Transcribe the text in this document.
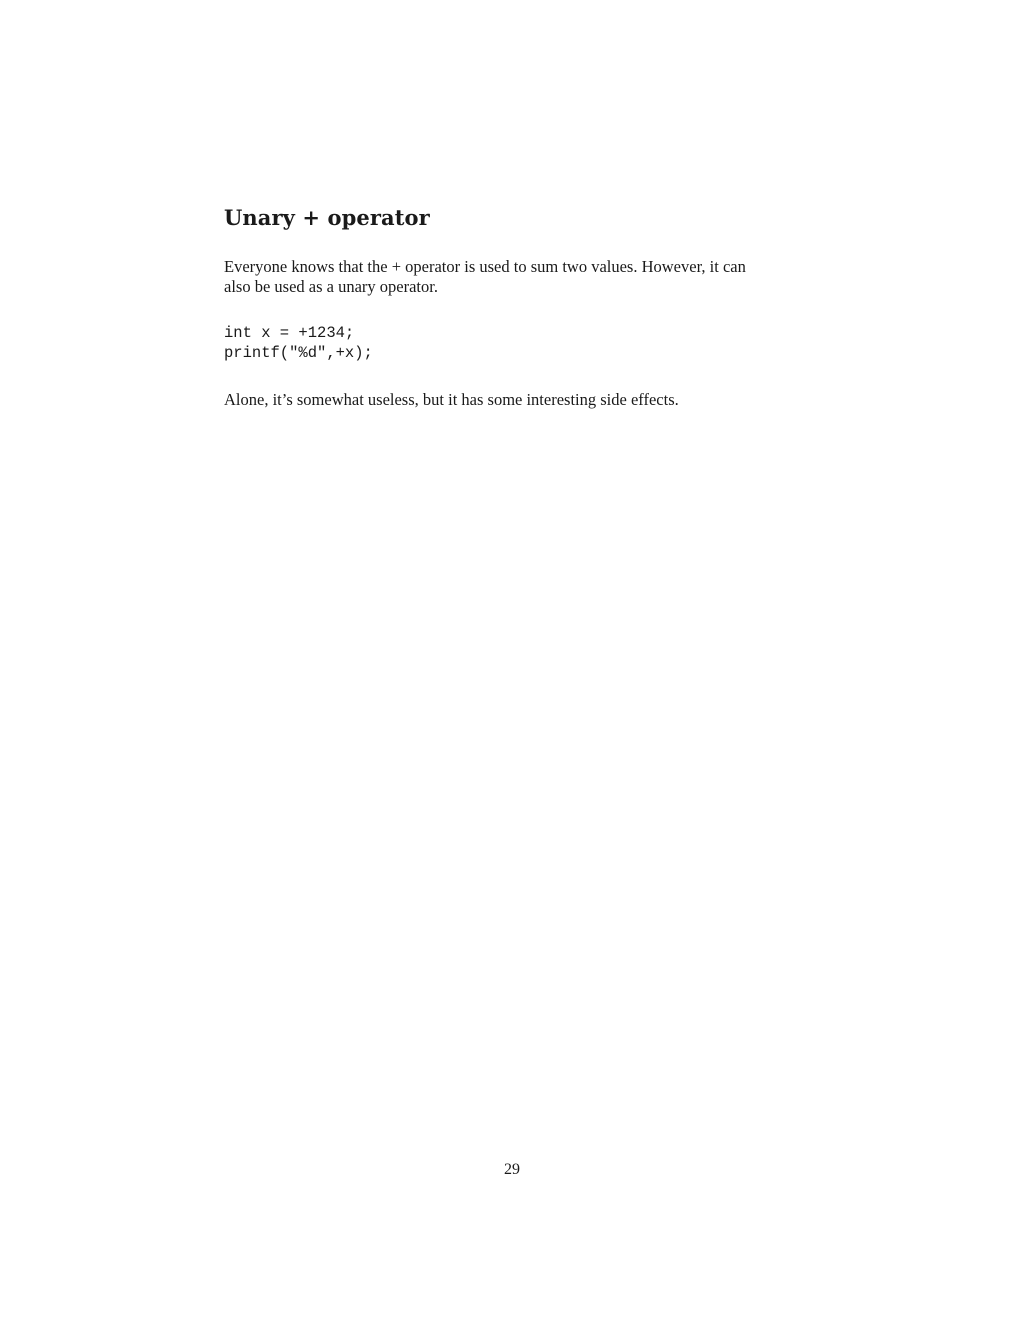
Unary + operator

Everyone knows that the + operator is used to sum two values. However, it can
also be used as a unary operator.

int x = +1234;
printf("%d",+x);

Alone, it’s somewhat useless, but it has some interesting side effects.

29
